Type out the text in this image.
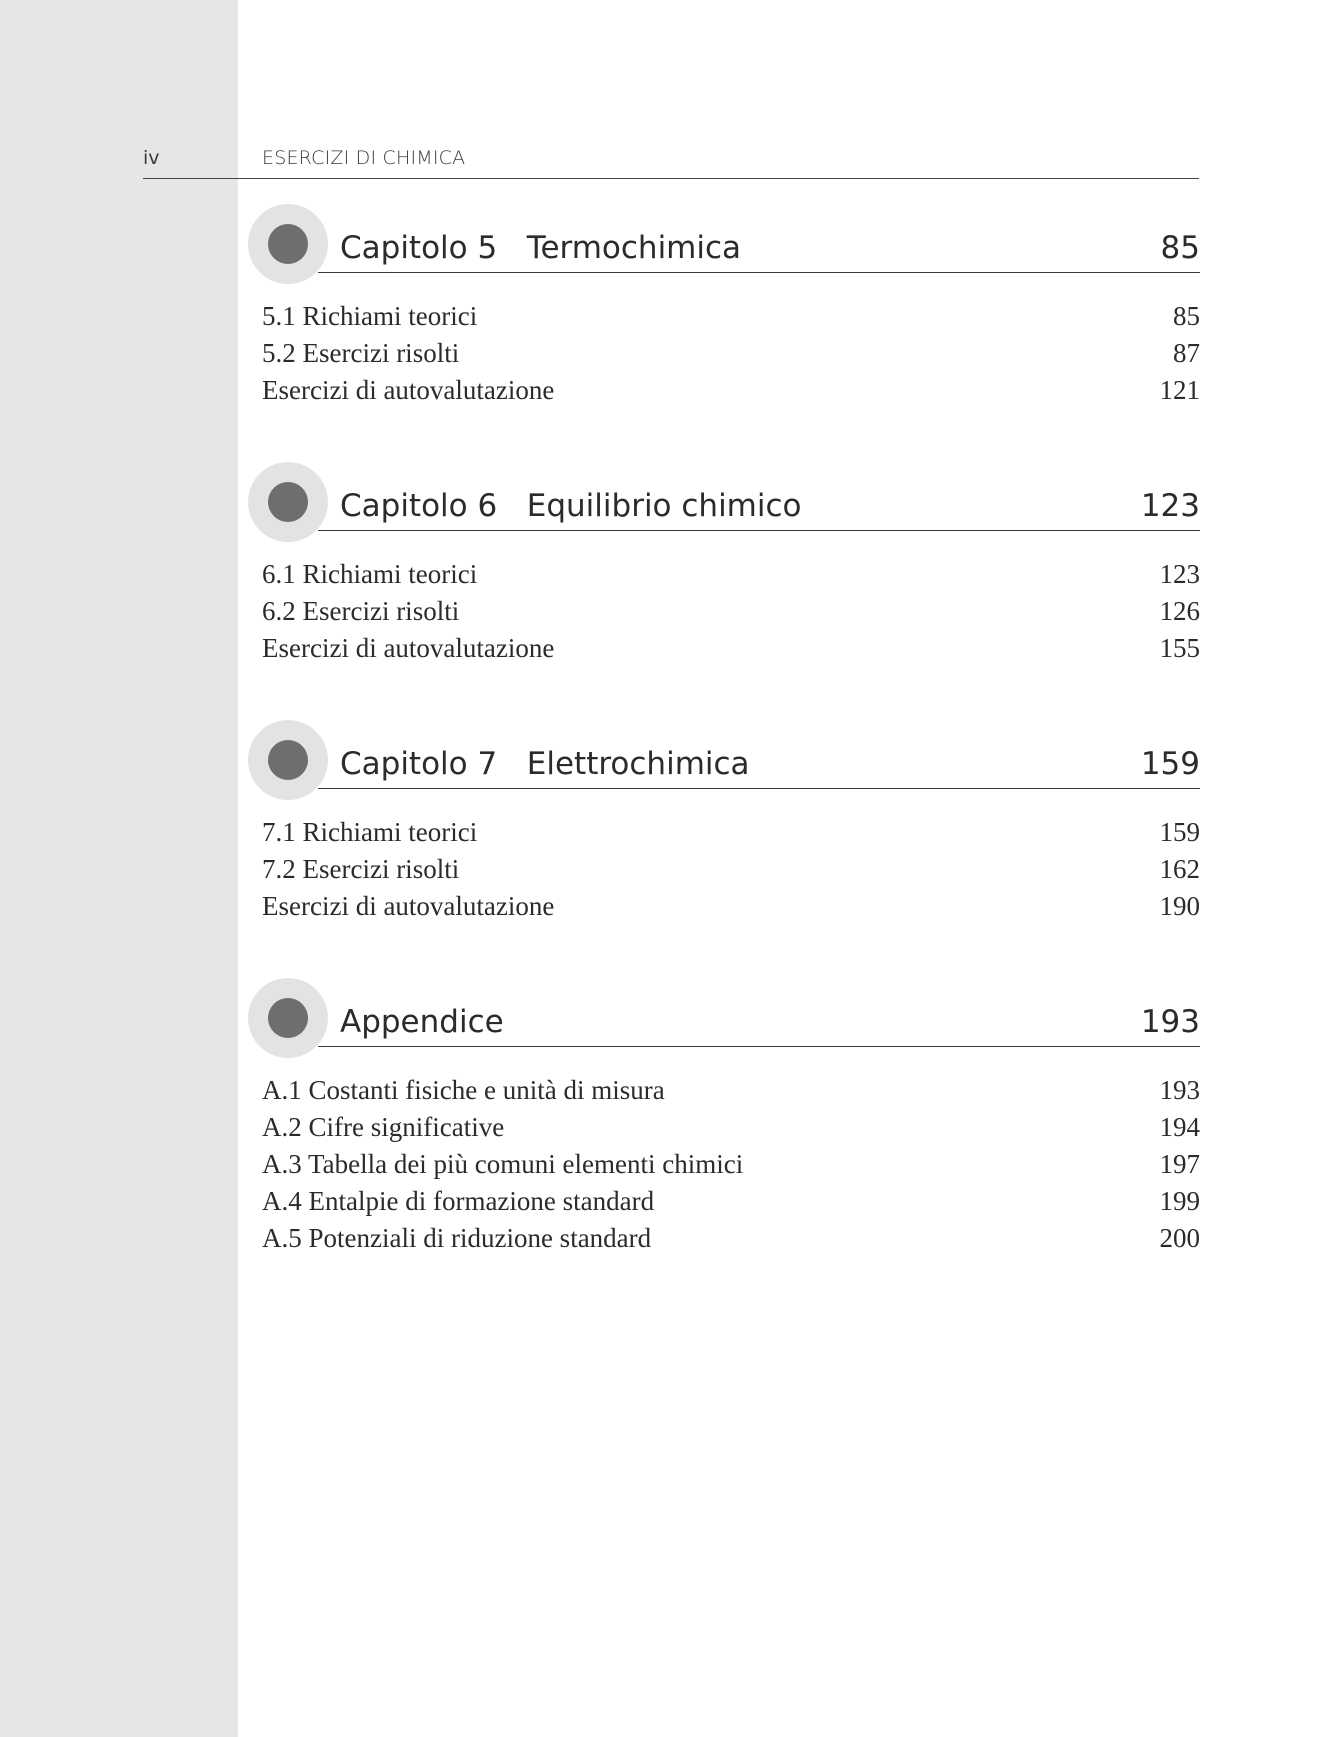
iv	ESERCIZI DI CHIMICA
Capitolo 5   Termochimica	85
5.1 Richiami teorici	85
5.2 Esercizi risolti	87
Esercizi di autovalutazione	121
Capitolo 6   Equilibrio chimico	123
6.1 Richiami teorici	123
6.2 Esercizi risolti	126
Esercizi di autovalutazione	155
Capitolo 7   Elettrochimica	159
7.1 Richiami teorici	159
7.2 Esercizi risolti	162
Esercizi di autovalutazione	190
Appendice	193
A.1 Costanti fisiche e unità di misura	193
A.2 Cifre significative	194
A.3 Tabella dei più comuni elementi chimici	197
A.4 Entalpie di formazione standard	199
A.5 Potenziali di riduzione standard	200
